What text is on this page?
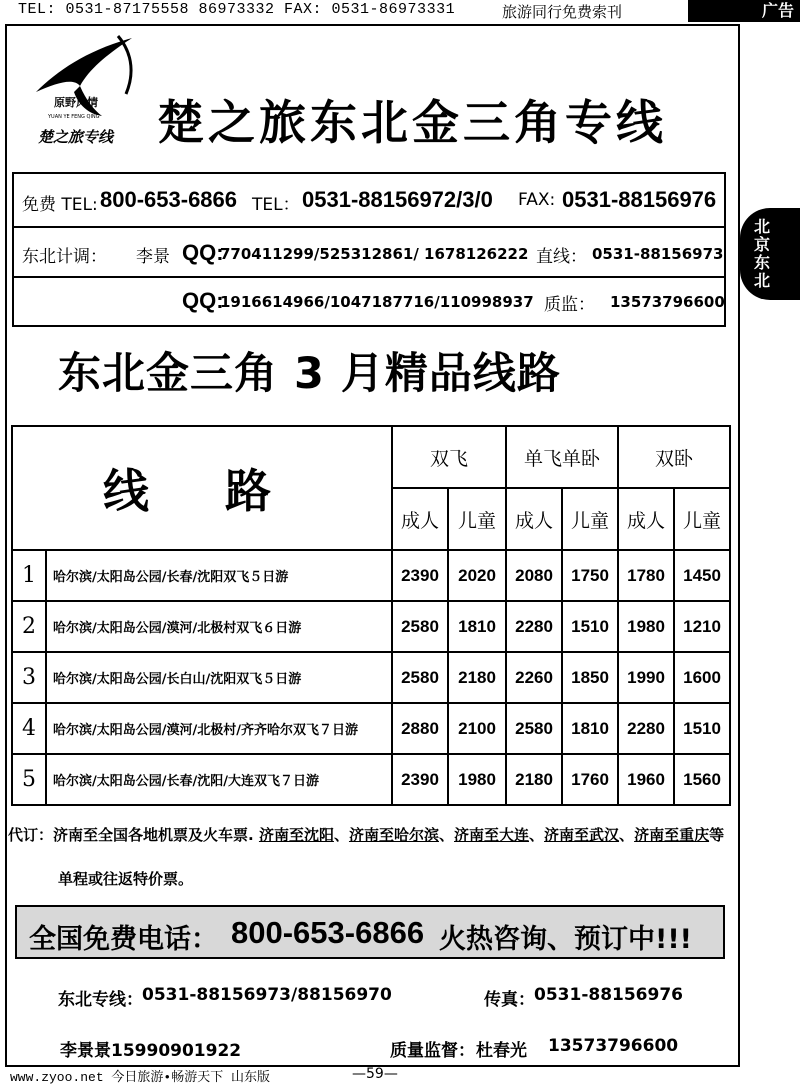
TEL: 0531-87175558 86973332 FAX: 0531-86973331	旅游同行免费索刊	广告
北京东北
原野风情
YUAN YE FENG QING
楚之旅专线 楚之旅东北金三角专线
免费 TEL: 800-653-6866 TEL： 0531-88156972/3/0 FAX: 0531-88156976
东北计调： 李景 QQ:
770411299/525312861/ 1678126222 直线： 0531-88156973
QQ:
1916614966/1047187716/110998937 质监： 13573796600
东北金三角 3 月精品线路
线 路		双飞		单飞单卧		双卧	
		成人	儿童	成人	儿童	成人	儿童
1	哈尔滨/太阳岛公园/长春/沈阳双飞５日游	2390	2020	2080	1750	1780	1450
2	哈尔滨/太阳岛公园/漠河/北极村双飞６日游	2580	1810	2280	1510	1980	1210
3	哈尔滨/太阳岛公园/长白山/沈阳双飞５日游	2580	2180	2260	1850	1990	1600
4	哈尔滨/太阳岛公园/漠河/北极村/齐齐哈尔双飞７日游	2880	2100	2580	1810	2280	1510
5	哈尔滨/太阳岛公园/长春/沈阳/大连双飞７日游	2390	1980	2180	1760	1960	1560
代订：济南至全国各地机票及火车票. 济南至沈阳、济南至哈尔滨、济南至大连、济南至武汉、济南至重庆等
单程或往返特价票。
全国免费电话： 800-653-6866 火热咨询、预订中!!!
东北专线： 0531-88156973/88156970	传真： 0531-88156976
李景景15990901922	质量监督： 杜春光 13573796600
www.zyoo.net 今日旅游•畅游天下 山东版	—59—
